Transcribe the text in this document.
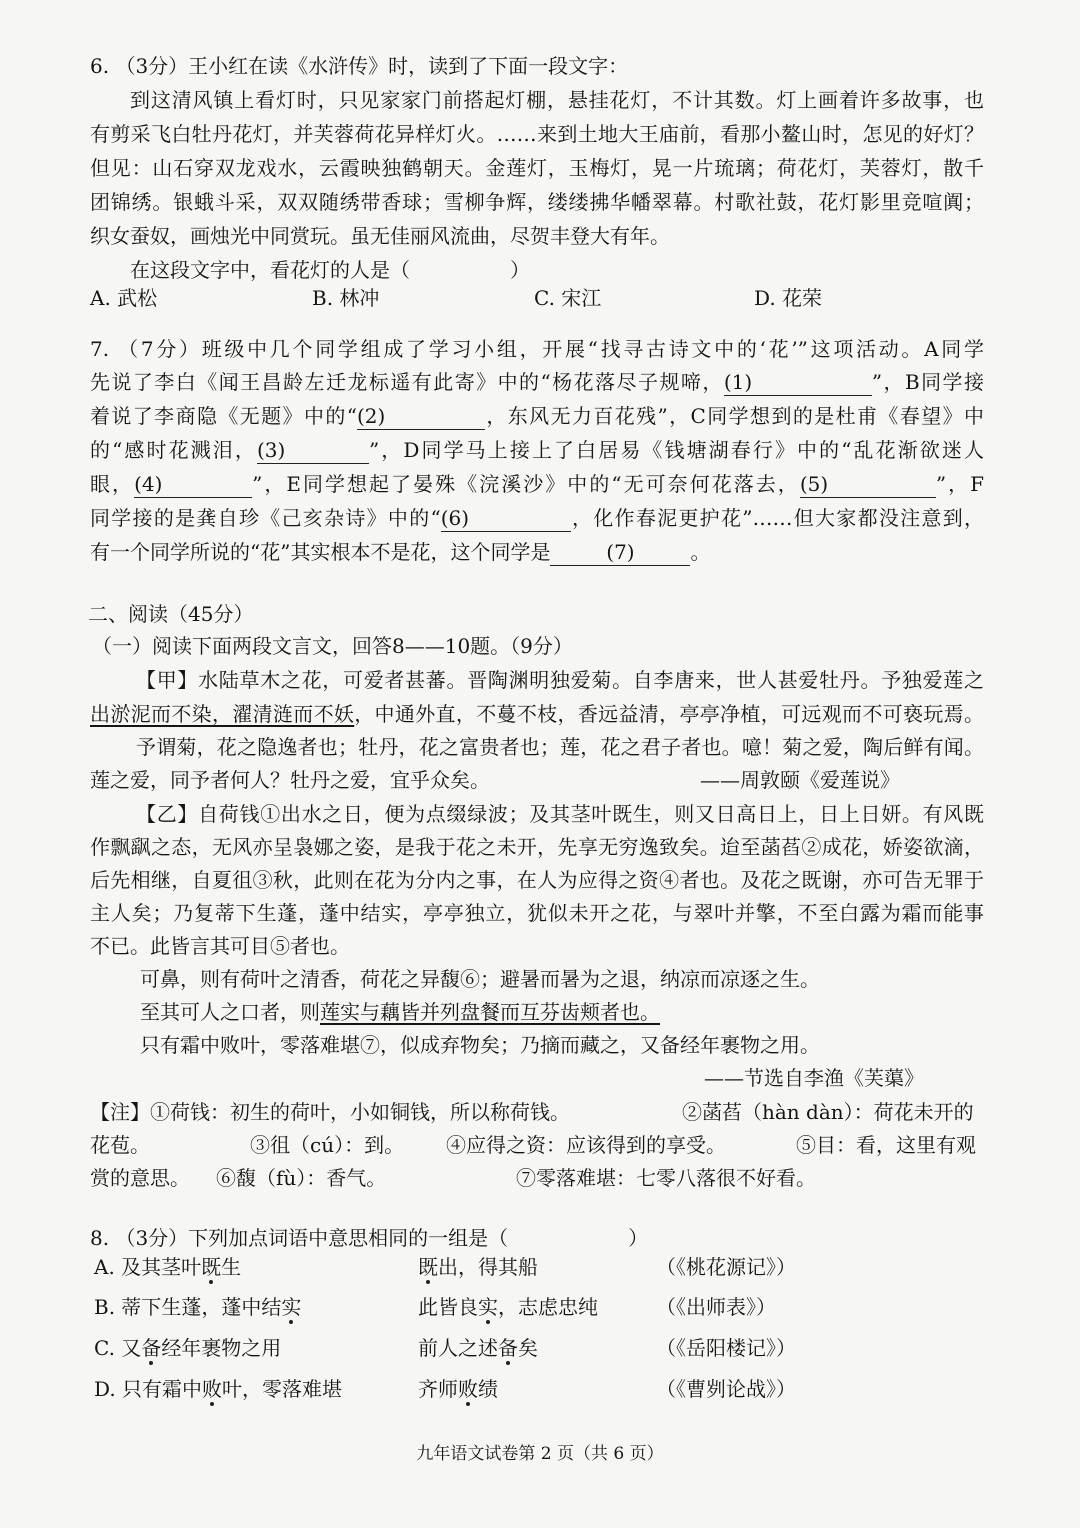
6. （3分）王小红在读《水浒传》时，读到了下面一段文字：
到这清风镇上看灯时，只见家家门前搭起灯棚，悬挂花灯，不计其数。灯上画着许多故事，也
有剪采飞白牡丹花灯，并芙蓉荷花异样灯火。……来到土地大王庙前，看那小鳌山时，怎见的好灯？
但见：山石穿双龙戏水，云霞映独鹤朝天。金莲灯，玉梅灯，晃一片琉璃；荷花灯，芙蓉灯，散千
团锦绣。银蛾斗采，双双随绣带香球；雪柳争辉，缕缕拂华幡翠幕。村歌社鼓，花灯影里竞喧阗；
织女蚕奴，画烛光中同赏玩。虽无佳丽风流曲，尽贺丰登大有年。
在这段文字中，看花灯的人是（　　　　　）
A. 武松	B. 林冲	C. 宋江	D. 花荣
7. （7分）班级中几个同学组成了学习小组，开展“找寻古诗文中的‘花’”这项活动。A同学
先说了李白《闻王昌龄左迁龙标遥有此寄》中的“杨花落尽子规啼，(1)	”，B同学接
着说了李商隐《无题》中的“(2)	，东风无力百花残”，C同学想到的是杜甫《春望》中
的“感时花溅泪，(3)	”，D同学马上接上了白居易《钱塘湖春行》中的“乱花渐欲迷人
眼，(4)	”，E同学想起了晏殊《浣溪沙》中的“无可奈何花落去，(5)	”，F
同学接的是龚自珍《己亥杂诗》中的“(6)	，化作春泥更护花”……但大家都没注意到，
有一个同学所说的“花”其实根本不是花，这个同学是	(7)	。
二、阅读（45分）
（一）阅读下面两段文言文，回答8——10题。（9分）
【甲】水陆草木之花，可爱者甚蕃。晋陶渊明独爱菊。自李唐来，世人甚爱牡丹。予独爱莲之
出淤泥而不染，濯清涟而不妖，中通外直，不蔓不枝，香远益清，亭亭净植，可远观而不可亵玩焉。
予谓菊，花之隐逸者也；牡丹，花之富贵者也；莲，花之君子者也。噫！菊之爱，陶后鲜有闻。
莲之爱，同予者何人？牡丹之爱，宜乎众矣。	——周敦颐《爱莲说》
【乙】自荷钱①出水之日，便为点缀绿波；及其茎叶既生，则又日高日上，日上日妍。有风既
作飘飖之态，无风亦呈袅娜之姿，是我于花之未开，先享无穷逸致矣。迨至菡萏②成花，娇姿欲滴，
后先相继，自夏徂③秋，此则在花为分内之事，在人为应得之资④者也。及花之既谢，亦可告无罪于
主人矣；乃复蒂下生蓬，蓬中结实，亭亭独立，犹似未开之花，与翠叶并擎，不至白露为霜而能事
不已。此皆言其可目⑤者也。
可鼻，则有荷叶之清香，荷花之异馥⑥；避暑而暑为之退，纳凉而凉逐之生。
至其可人之口者，则莲实与藕皆并列盘餐而互芬齿颊者也。
只有霜中败叶，零落难堪⑦，似成弃物矣；乃摘而藏之，又备经年裹物之用。
——节选自李渔《芙蕖》
【注】①荷钱：初生的荷叶，小如铜钱，所以称荷钱。	②菡萏（hàn dàn）：荷花未开的
花苞。	③徂（cú）：到。 ④应得之资：应该得到的享受。	⑤目：看，这里有观
赏的意思。 ⑥馥（fù）：香气。	⑦零落难堪：七零八落很不好看。
8. （3分）下列加点词语中意思相同的一组是（　　　　　　）
A. 及其茎叶既生	既出，得其船	（《桃花源记》）
B. 蒂下生蓬，蓬中结实	此皆良实，志虑忠纯	（《出师表》）
C. 又备经年裹物之用	前人之述备矣	（《岳阳楼记》）
D. 只有霜中败叶，零落难堪	齐师败绩	（《曹刿论战》）
九年语文试卷第 2 页（共 6 页）
